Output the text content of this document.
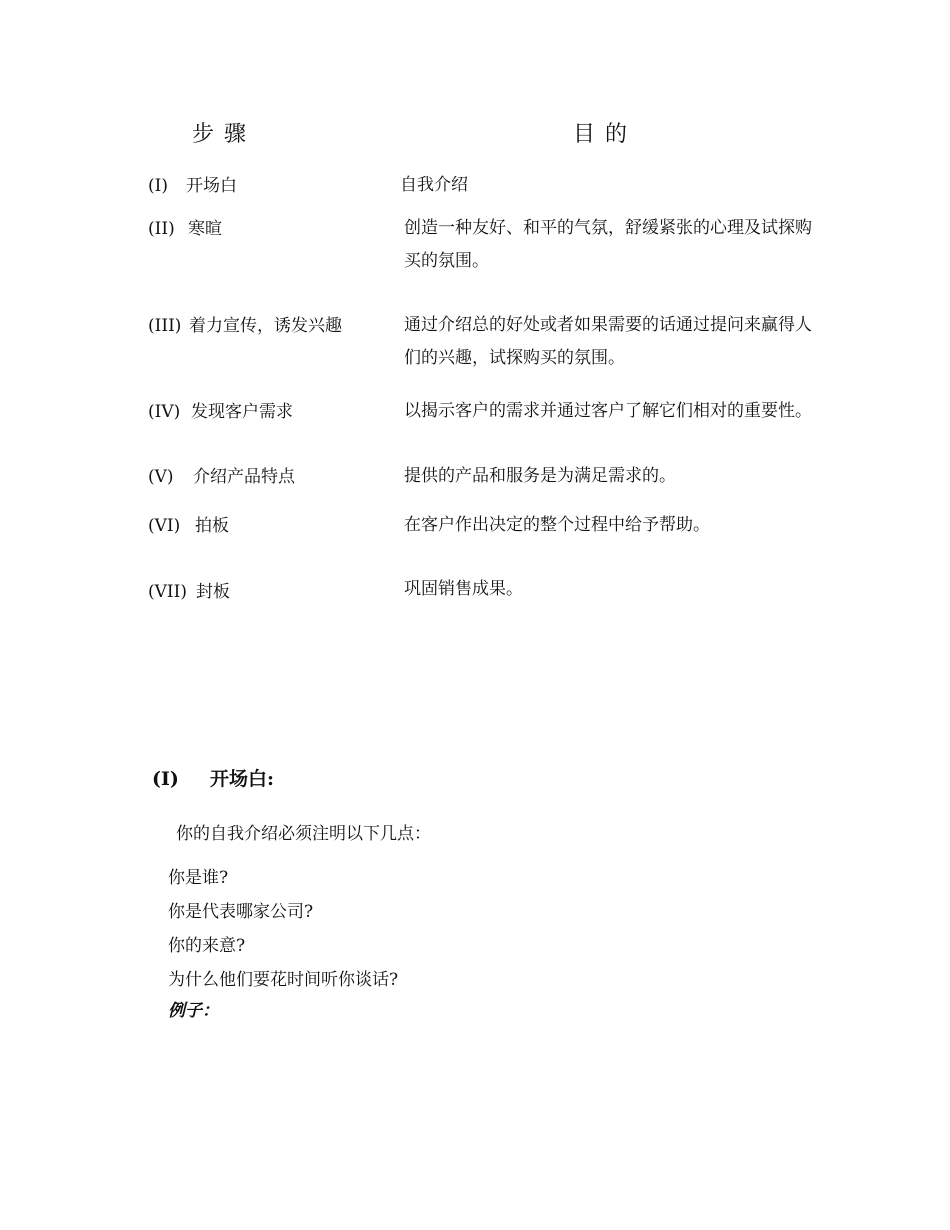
步骤	目的
(I) 开场白	自我介绍
(II) 寒暄	创造一种友好、和平的气氛，舒缓紧张的心理及试探购买的氛围。
(III) 着力宣传，诱发兴趣	通过介绍总的好处或者如果需要的话通过提问来赢得人们的兴趣，试探购买的氛围。
(IV) 发现客户需求	以揭示客户的需求并通过客户了解它们相对的重要性。
(V) 介绍产品特点	提供的产品和服务是为满足需求的。
(VI) 拍板	在客户作出决定的整个过程中给予帮助。
(VII) 封板	巩固销售成果。
(I) 开场白:
你的自我介绍必须注明以下几点：
你是谁?
你是代表哪家公司?
你的来意?
为什么他们要花时间听你谈话?
例子：
